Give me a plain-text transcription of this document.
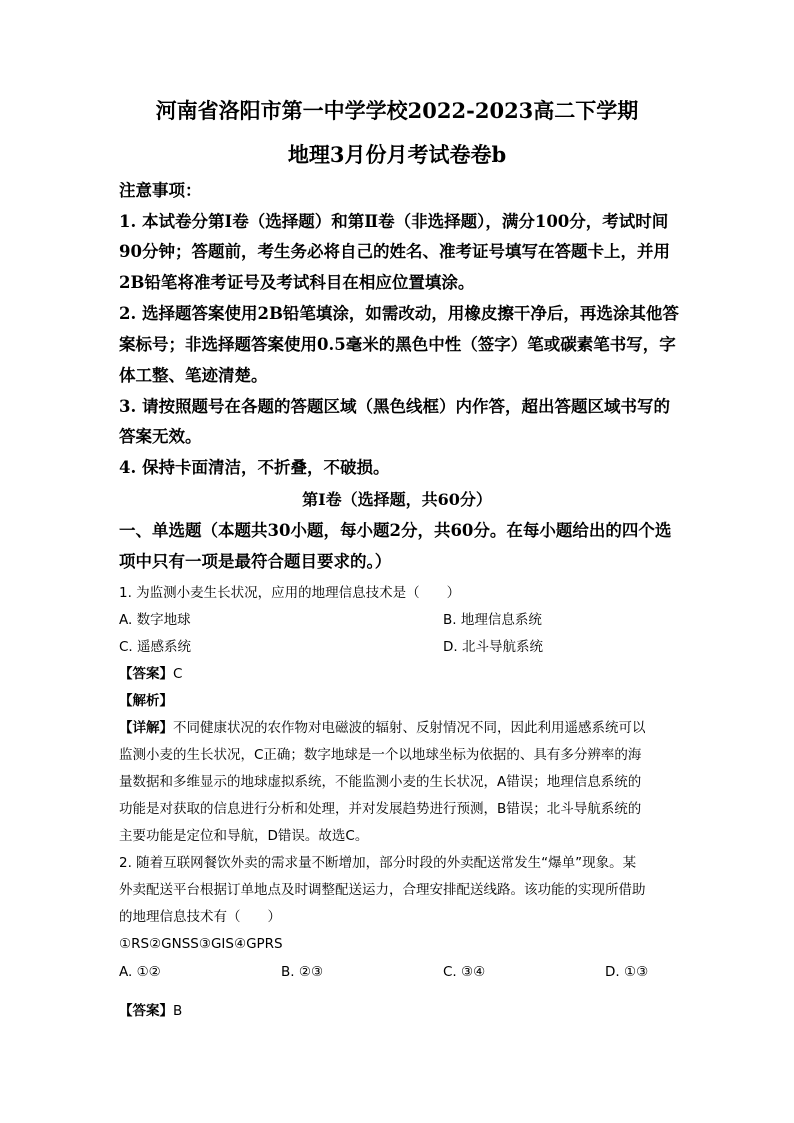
河南省洛阳市第一中学学校2022-2023高二下学期
地理3月份月考试卷卷b
注意事项：
1. 本试卷分第Ⅰ卷（选择题）和第Ⅱ卷（非选择题），满分100分，考试时间
90分钟；答题前，考生务必将自己的姓名、准考证号填写在答题卡上，并用
2B铅笔将准考证号及考试科目在相应位置填涂。
2. 选择题答案使用2B铅笔填涂，如需改动，用橡皮擦干净后，再选涂其他答
案标号；非选择题答案使用0.5毫米的黑色中性（签字）笔或碳素笔书写，字
体工整、笔迹清楚。
3. 请按照题号在各题的答题区域（黑色线框）内作答，超出答题区域书写的
答案无效。
4. 保持卡面清洁，不折叠，不破损。
第Ⅰ卷（选择题，共60分）
一、单选题（本题共30小题，每小题2分，共60分。在每小题给出的四个选
项中只有一项是最符合题目要求的。）
1. 为监测小麦生长状况，应用的地理信息技术是（　　）
A. 数字地球	B. 地理信息系统
C. 遥感系统	D. 北斗导航系统
【答案】C
【解析】
【详解】不同健康状况的农作物对电磁波的辐射、反射情况不同，因此利用遥感系统可以
监测小麦的生长状况，C正确；数字地球是一个以地球坐标为依据的、具有多分辨率的海
量数据和多维显示的地球虚拟系统，不能监测小麦的生长状况，A错误；地理信息系统的
功能是对获取的信息进行分析和处理，并对发展趋势进行预测，B错误；北斗导航系统的
主要功能是定位和导航，D错误。故选C。
2. 随着互联网餐饮外卖的需求量不断增加，部分时段的外卖配送常发生“爆单”现象。某
外卖配送平台根据订单地点及时调整配送运力，合理安排配送线路。该功能的实现所借助
的地理信息技术有（　　）
①RS②GNSS③GIS④GPRS
A. ①②	B. ②③	C. ③④	D. ①③
【答案】B
